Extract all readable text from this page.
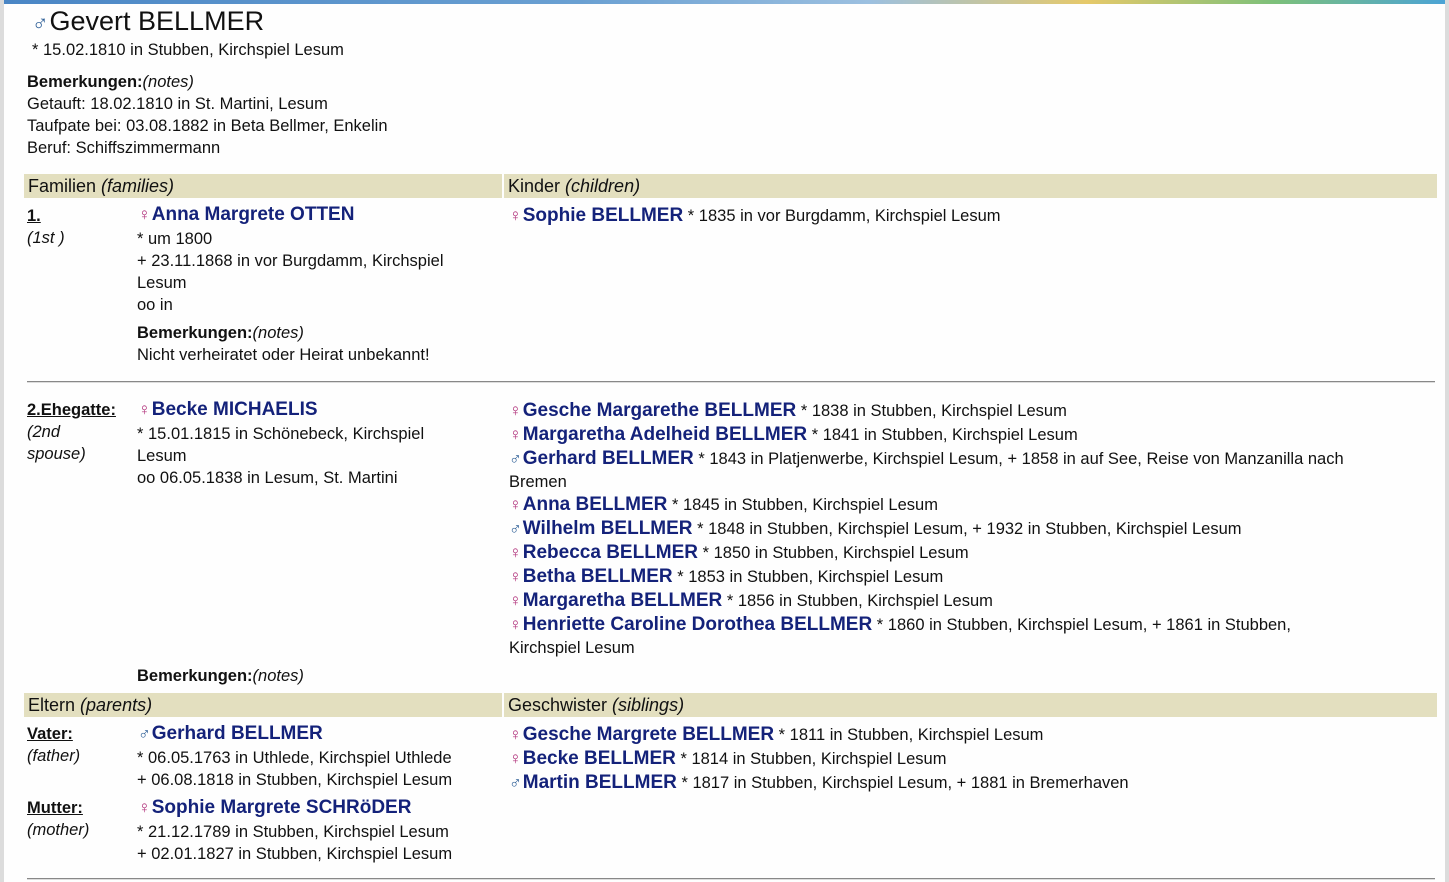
♂Gevert BELLMER
* 15.02.1810 in Stubben, Kirchspiel Lesum
Bemerkungen:(notes)
Getauft: 18.02.1810 in St. Martini, Lesum
Taufpate bei: 03.08.1882 in Beta Bellmer, Enkelin
Beruf: Schiffszimmermann
Familien (families)	Kinder (children)
1.
(1st )
♀Anna Margrete OTTEN
* um 1800
+ 23.11.1868 in vor Burgdamm, Kirchspiel
Lesum
oo in
Bemerkungen:(notes)
Nicht verheiratet oder Heirat unbekannt!
♀Sophie BELLMER * 1835 in vor Burgdamm, Kirchspiel Lesum
2.Ehegatte:
(2nd
spouse)
♀Becke MICHAELIS
* 15.01.1815 in Schönebeck, Kirchspiel
Lesum
oo 06.05.1838 in Lesum, St. Martini
Bemerkungen:(notes)
♀Gesche Margarethe BELLMER * 1838 in Stubben, Kirchspiel Lesum
♀Margaretha Adelheid BELLMER * 1841 in Stubben, Kirchspiel Lesum
♂Gerhard BELLMER * 1843 in Platjenwerbe, Kirchspiel Lesum, + 1858 in auf See, Reise von Manzanilla nach
Bremen
♀Anna BELLMER * 1845 in Stubben, Kirchspiel Lesum
♂Wilhelm BELLMER * 1848 in Stubben, Kirchspiel Lesum, + 1932 in Stubben, Kirchspiel Lesum
♀Rebecca BELLMER * 1850 in Stubben, Kirchspiel Lesum
♀Betha BELLMER * 1853 in Stubben, Kirchspiel Lesum
♀Margaretha BELLMER * 1856 in Stubben, Kirchspiel Lesum
♀Henriette Caroline Dorothea BELLMER * 1860 in Stubben, Kirchspiel Lesum, + 1861 in Stubben,
Kirchspiel Lesum
Eltern (parents)	Geschwister (siblings)
Vater:
(father)
♂Gerhard BELLMER
* 06.05.1763 in Uthlede, Kirchspiel Uthlede
+ 06.08.1818 in Stubben, Kirchspiel Lesum
Mutter:
(mother)
♀Sophie Margrete SCHRöDER
* 21.12.1789 in Stubben, Kirchspiel Lesum
+ 02.01.1827 in Stubben, Kirchspiel Lesum
♀Gesche Margrete BELLMER * 1811 in Stubben, Kirchspiel Lesum
♀Becke BELLMER * 1814 in Stubben, Kirchspiel Lesum
♂Martin BELLMER * 1817 in Stubben, Kirchspiel Lesum, + 1881 in Bremerhaven
